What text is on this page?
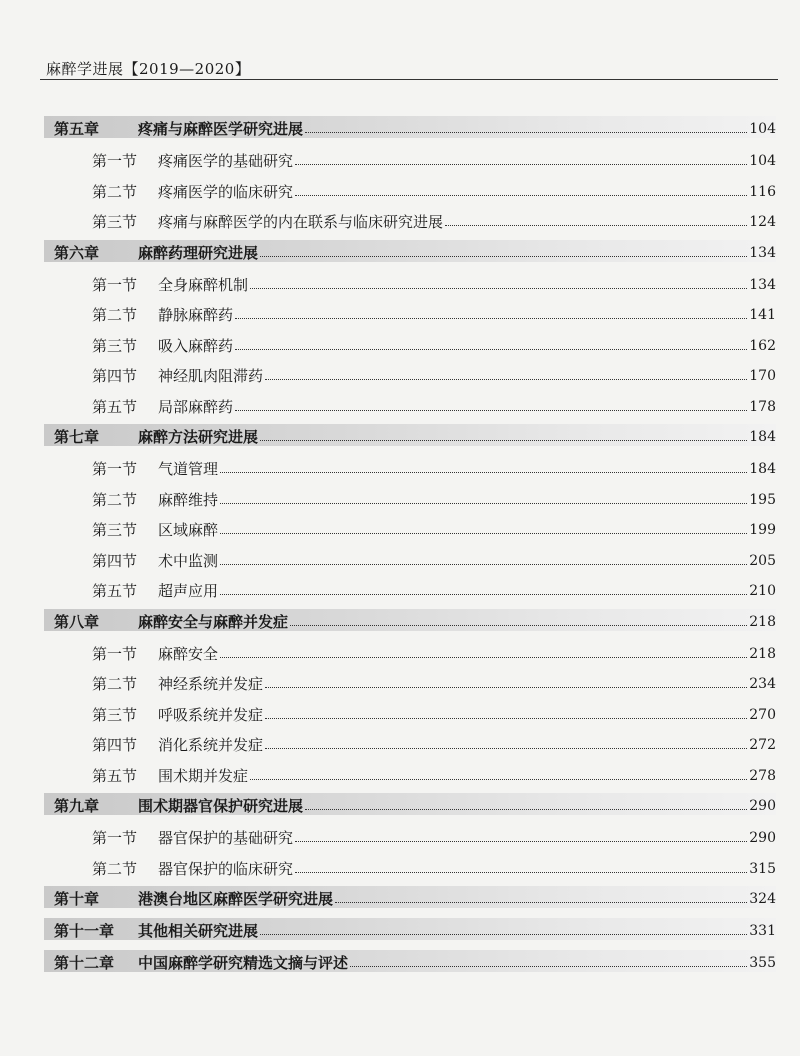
麻醉学进展【2019—2020】
第五章	疼痛与麻醉医学研究进展	104
第一节	疼痛医学的基础研究	104
第二节	疼痛医学的临床研究	116
第三节	疼痛与麻醉医学的内在联系与临床研究进展	124
第六章	麻醉药理研究进展	134
第一节	全身麻醉机制	134
第二节	静脉麻醉药	141
第三节	吸入麻醉药	162
第四节	神经肌肉阻滞药	170
第五节	局部麻醉药	178
第七章	麻醉方法研究进展	184
第一节	气道管理	184
第二节	麻醉维持	195
第三节	区域麻醉	199
第四节	术中监测	205
第五节	超声应用	210
第八章	麻醉安全与麻醉并发症	218
第一节	麻醉安全	218
第二节	神经系统并发症	234
第三节	呼吸系统并发症	270
第四节	消化系统并发症	272
第五节	围术期并发症	278
第九章	围术期器官保护研究进展	290
第一节	器官保护的基础研究	290
第二节	器官保护的临床研究	315
第十章	港澳台地区麻醉医学研究进展	324
第十一章	其他相关研究进展	331
第十二章	中国麻醉学研究精选文摘与评述	355
